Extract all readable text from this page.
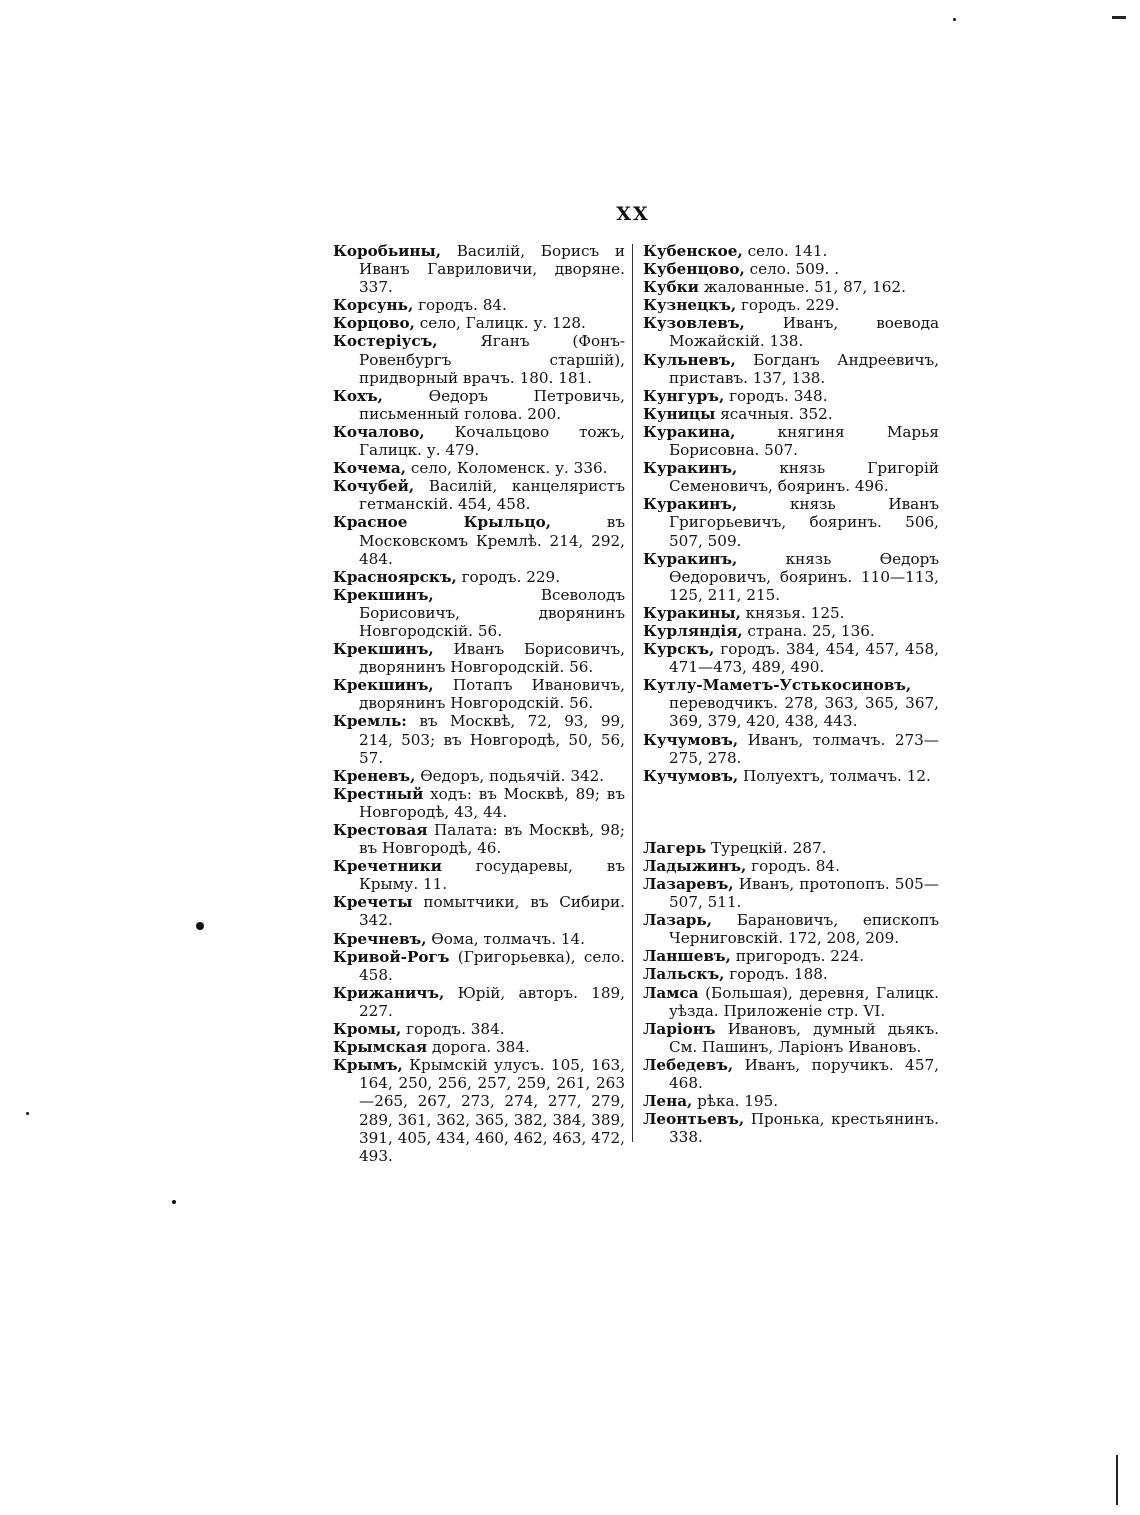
XX

Коробьины, Василій, Борисъ и Иванъ Гавриловичи, дворяне. 337.

Корсунь, городъ. 84.

Корцово, село, Галицк. у. 128.

Костеріусъ, Яганъ (Фонъ-Ровенбургъ старшій), придворный врачъ. 180. 181.

Кохъ, Өедоръ Петровичь, письменный голова. 200.

Кочалово, Кочальцово тожъ, Галицк. у. 479.

Кочема, село, Коломенск. у. 336.

Кочубей, Василій, канцеляристъ гетманскій. 454, 458.

Красное Крыльцо, въ Московскомъ Кремлѣ. 214, 292, 484.

Красноярскъ, городъ. 229.

Крекшинъ, Всеволодъ Борисовичъ, дворянинъ Новгородскій. 56.

Крекшинъ, Иванъ Борисовичъ, дворянинъ Новгородскій. 56.

Крекшинъ, Потапъ Ивановичъ, дворянинъ Новгородскій. 56.

Кремль: въ Москвѣ, 72, 93, 99, 214, 503; въ Новгородѣ, 50, 56, 57.

Креневъ, Өедоръ, подьячій. 342.

Крестный ходъ: въ Москвѣ, 89; въ Новгородѣ, 43, 44.

Крестовая Палата: въ Москвѣ, 98; въ Новгородѣ, 46.

Кречетники государевы, въ Крыму. 11.

Кречеты помытчики, въ Сибири. 342.

Кречневъ, Өома, толмачъ. 14.

Кривой-Рогъ (Григорьевка), село. 458.

Крижаничъ, Юрій, авторъ. 189, 227.

Кромы, городъ. 384.

Крымская дорога. 384.

Крымъ, Крымскій улусъ. 105, 163, 164, 250, 256, 257, 259, 261, 263—265, 267, 273, 274, 277, 279, 289, 361, 362, 365, 382, 384, 389, 391, 405, 434, 460, 462, 463, 472, 493.

Кубенское, село. 141.

Кубенцово, село. 509. .

Кубки жалованные. 51, 87, 162.

Кузнецкъ, городъ. 229.

Кузовлевъ, Иванъ, воевода Можайскій. 138.

Кульневъ, Богданъ Андреевичъ, приставъ. 137, 138.

Кунгуръ, городъ. 348.

Куницы ясачныя. 352.

Куракина, княгиня Марья Борисовна. 507.

Куракинъ, князь Григорій Семеновичъ, бояринъ. 496.

Куракинъ, князь Иванъ Григорьевичъ, бояринъ. 506, 507, 509.

Куракинъ, князь Өедоръ Өедоровичъ, бояринъ. 110—113, 125, 211, 215.

Куракины, князья. 125.

Курляндія, страна. 25, 136.

Курскъ, городъ. 384, 454, 457, 458, 471—473, 489, 490.

Кутлу-Маметъ-Устькосиновъ, переводчикъ. 278, 363, 365, 367, 369, 379, 420, 438, 443.

Кучумовъ, Иванъ, толмачъ. 273—275, 278.

Кучумовъ, Полуехтъ, толмачъ. 12.

Лагерь Турецкій. 287.

Ладыжинъ, городъ. 84.

Лазаревъ, Иванъ, протопопъ. 505—507, 511.

Лазарь, Барановичъ, епископъ Черниговскій. 172, 208, 209.

Ланшевъ, пригородъ. 224.

Лальскъ, городъ. 188.

Ламса (Большая), деревня, Галицк. уѣзда. Приложеніе стр. VI.

Ларіонъ Ивановъ, думный дьякъ. См. Пашинъ, Ларіонъ Ивановъ.

Лебедевъ, Иванъ, поручикъ. 457, 468.

Лена, рѣка. 195.

Леонтьевъ, Пронька, крестьянинъ. 338.
